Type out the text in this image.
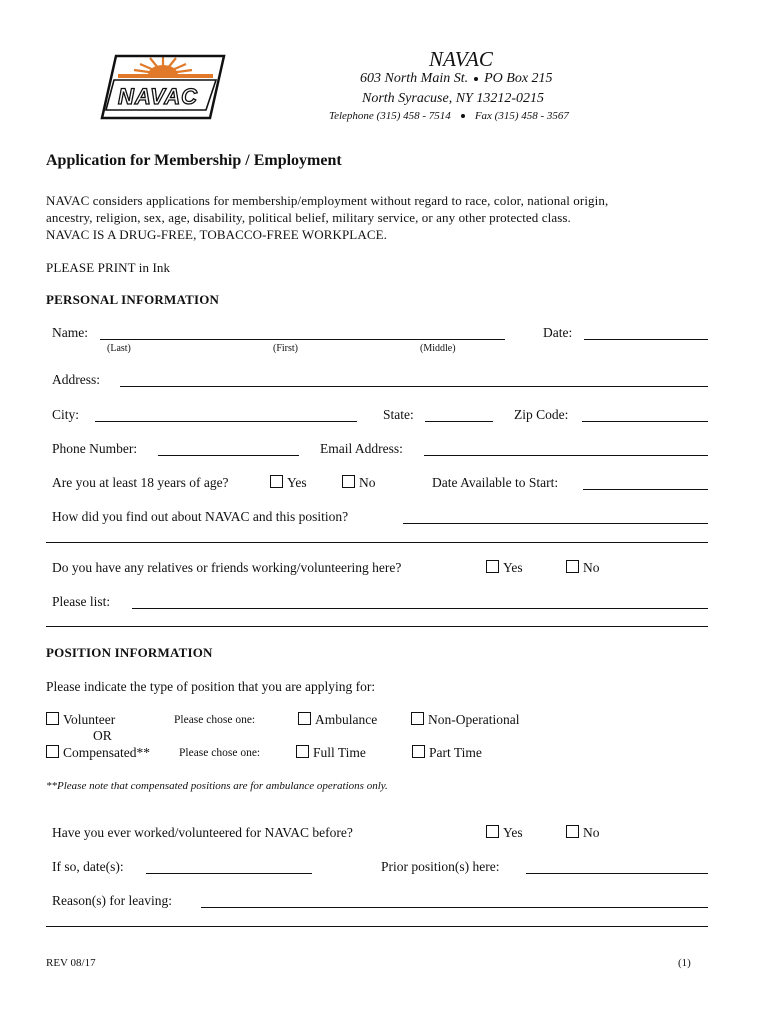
NAVAC
NAVAC
603 North Main St. PO Box 215
North Syracuse, NY 13212-0215
Telephone (315) 458 - 7514 Fax (315) 458 - 3567
Application for Membership / Employment
NAVAC considers applications for membership/employment without regard to race, color, national origin,
ancestry, religion, sex, age, disability, political belief, military service, or any other protected class.
NAVAC IS A DRUG-FREE, TOBACCO-FREE WORKPLACE.
PLEASE PRINT in Ink
PERSONAL INFORMATION
Name:
(Last)	(First)	(Middle)
Date:
Address:
City:	State:	Zip Code:
Phone Number:	Email Address:
Are you at least 18 years of age?	Yes	No	Date Available to Start:
How did you find out about NAVAC and this position?
Do you have any relatives or friends working/volunteering here?	Yes	No
Please list:
POSITION INFORMATION
Please indicate the type of position that you are applying for:
Volunteer	Please chose one:	Ambulance	Non-Operational
OR
Compensated**	Please chose one:	Full Time	Part Time
**Please note that compensated positions are for ambulance operations only.
Have you ever worked/volunteered for NAVAC before?	Yes	No
If so, date(s):	Prior position(s) here:
Reason(s) for leaving:
REV 08/17	(1)
